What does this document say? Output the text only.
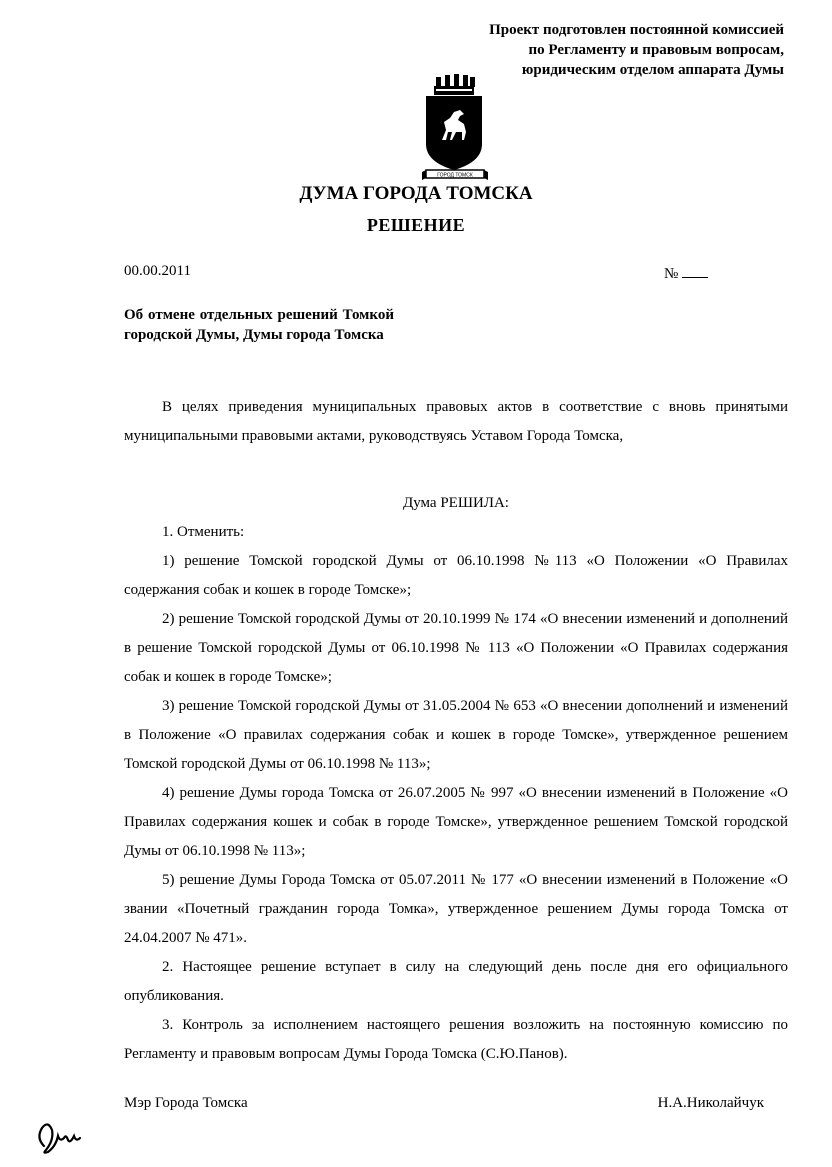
Проект подготовлен постоянной комиссией
по Регламенту и правовым вопросам,
юридическим отделом аппарата Думы
ГОРОД ТОМСК
ДУМА ГОРОДА ТОМСКА
РЕШЕНИЕ
00.00.2011	№
Об отмене отдельных решений Томкой городской Думы, Думы города Томска

В целях приведения муниципальных правовых актов в соответствие с вновь принятыми муниципальными правовыми актами, руководствуясь Уставом Города Томска,

Дума РЕШИЛА:

1. Отменить:

1) решение Томской городской Думы от 06.10.1998 №113 «О Положении «О Правилах содержания собак и кошек в городе Томске»;

2) решение Томской городской Думы от 20.10.1999 № 174 «О внесении изменений и дополнений в решение Томской городской Думы от 06.10.1998 № 113 «О Положении «О Правилах содержания собак и кошек в городе Томске»;

3) решение Томской городской Думы от 31.05.2004 № 653 «О внесении дополнений и изменений в Положение «О правилах содержания собак и кошек в городе Томске», утвержденное решением Томской городской Думы от 06.10.1998 № 113»;

4) решение Думы города Томска от 26.07.2005 № 997 «О внесении изменений в Положение «О Правилах содержания кошек и собак в городе Томске», утвержденное решением Томской городской Думы от 06.10.1998 № 113»;

5) решение Думы Города Томска от 05.07.2011 № 177 «О внесении изменений в Положение «О звании «Почетный гражданин города Томка», утвержденное решением Думы города Томска от 24.04.2007 № 471».

2. Настоящее решение вступает в силу на следующий день после дня его официального опубликования.

3. Контроль за исполнением настоящего решения возложить на постоянную комиссию по Регламенту и правовым вопросам Думы Города Томска (С.Ю.Панов).

Мэр Города Томска	Н.А.Николайчук
